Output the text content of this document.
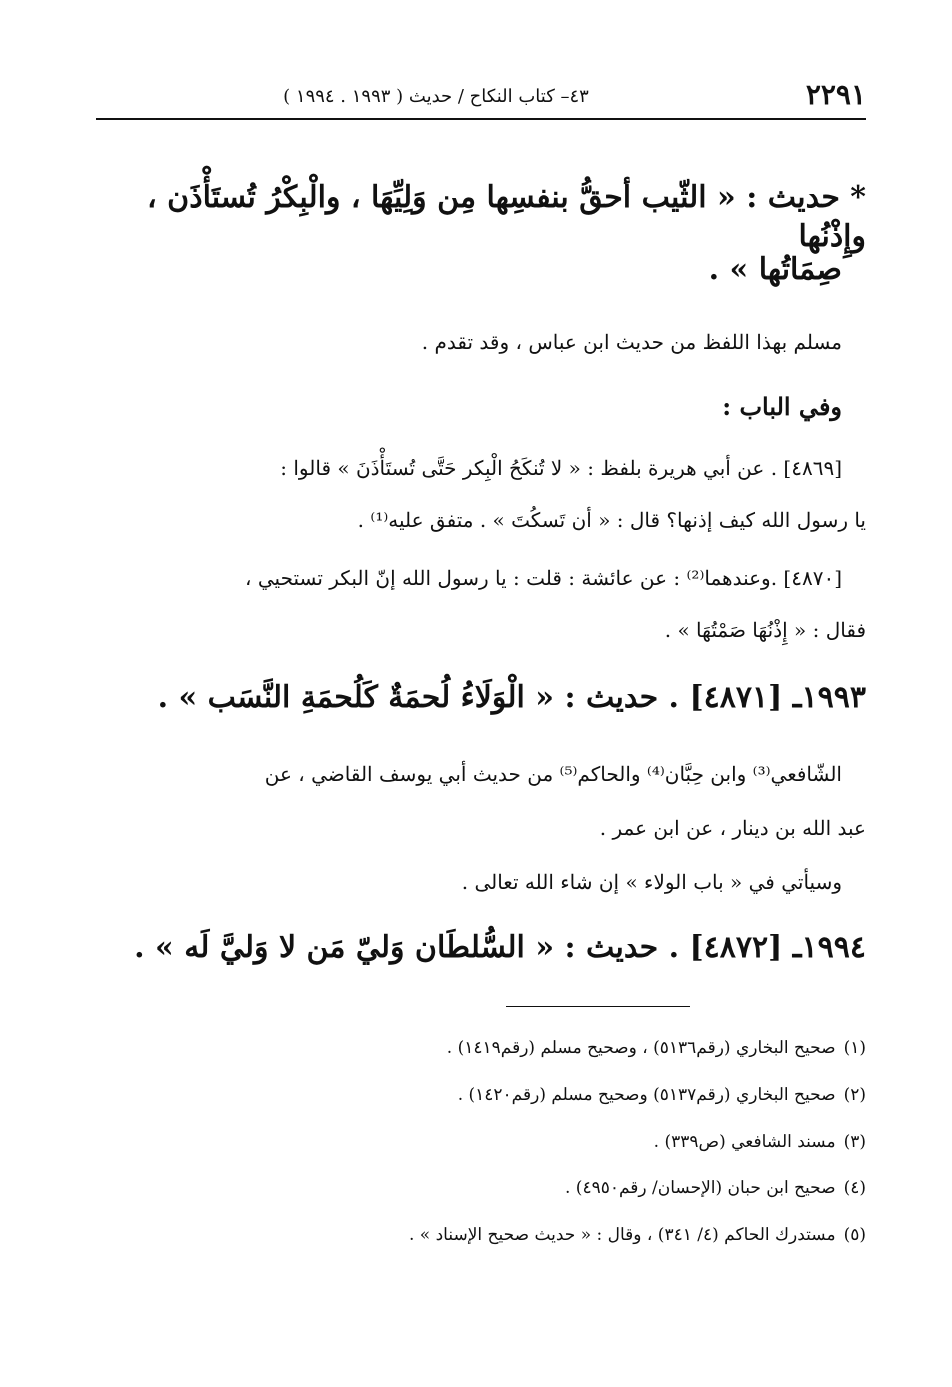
٢٢٩١
٤٣– كتاب النكاح / حديث ( ١٩٩٣ . ١٩٩٤ )
* حديث : « الثّيب أحقُّ بنفسِها مِن وَلِيِّهَا ، والْبِكْرُ تُستَأْذَن ، وإِذْنُها
صِمَاتُها » .
مسلم بهذا اللفظ من حديث ابن عباس ، وقد تقدم .
وفي الباب :
[٤٨٦٩] . عن أبي هريرة بلفظ : « لا تُنكَحُ الْبِكر حَتَّى تُستَأْذَنَ » قالوا :
يا رسول الله كيف إذنها؟ قال : « أن تَسكُتَ » . متفق عليه⁽¹⁾ .
[٤٨٧٠] .وعندهما⁽²⁾ : عن عائشة : قلت : يا رسول الله إنّ البكر تستحيي ،
فقال : « إِذْنُهَا صَمْتُهَا » .
١٩٩٣ـ [٤٨٧١] . حديث : « الْوَلَاءُ لُحمَةٌ كَلُحمَةِ النَّسَب » .
الشّافعي⁽³⁾ وابن حِبَّان⁽⁴⁾ والحاكم⁽⁵⁾ من حديث أبي يوسف القاضي ، عن
عبد الله بن دينار ، عن ابن عمر .
وسيأتي في « باب الولاء » إن شاء الله تعالى .
١٩٩٤ـ [٤٨٧٢] . حديث : « السُّلطَان وَليّ مَن لا وَليَّ لَه » .
(١)صحيح البخاري (رقم٥١٣٦) ، وصحيح مسلم (رقم١٤١٩) .
(٢)صحيح البخاري (رقم٥١٣٧) وصحيح مسلم (رقم١٤٢٠) .
(٣)مسند الشافعي (ص٣٣٩) .
(٤)صحيح ابن حبان (الإحسان/ رقم٤٩٥٠) .
(٥)مستدرك الحاكم (٤/ ٣٤١) ، وقال : « حديث صحيح الإسناد » .
